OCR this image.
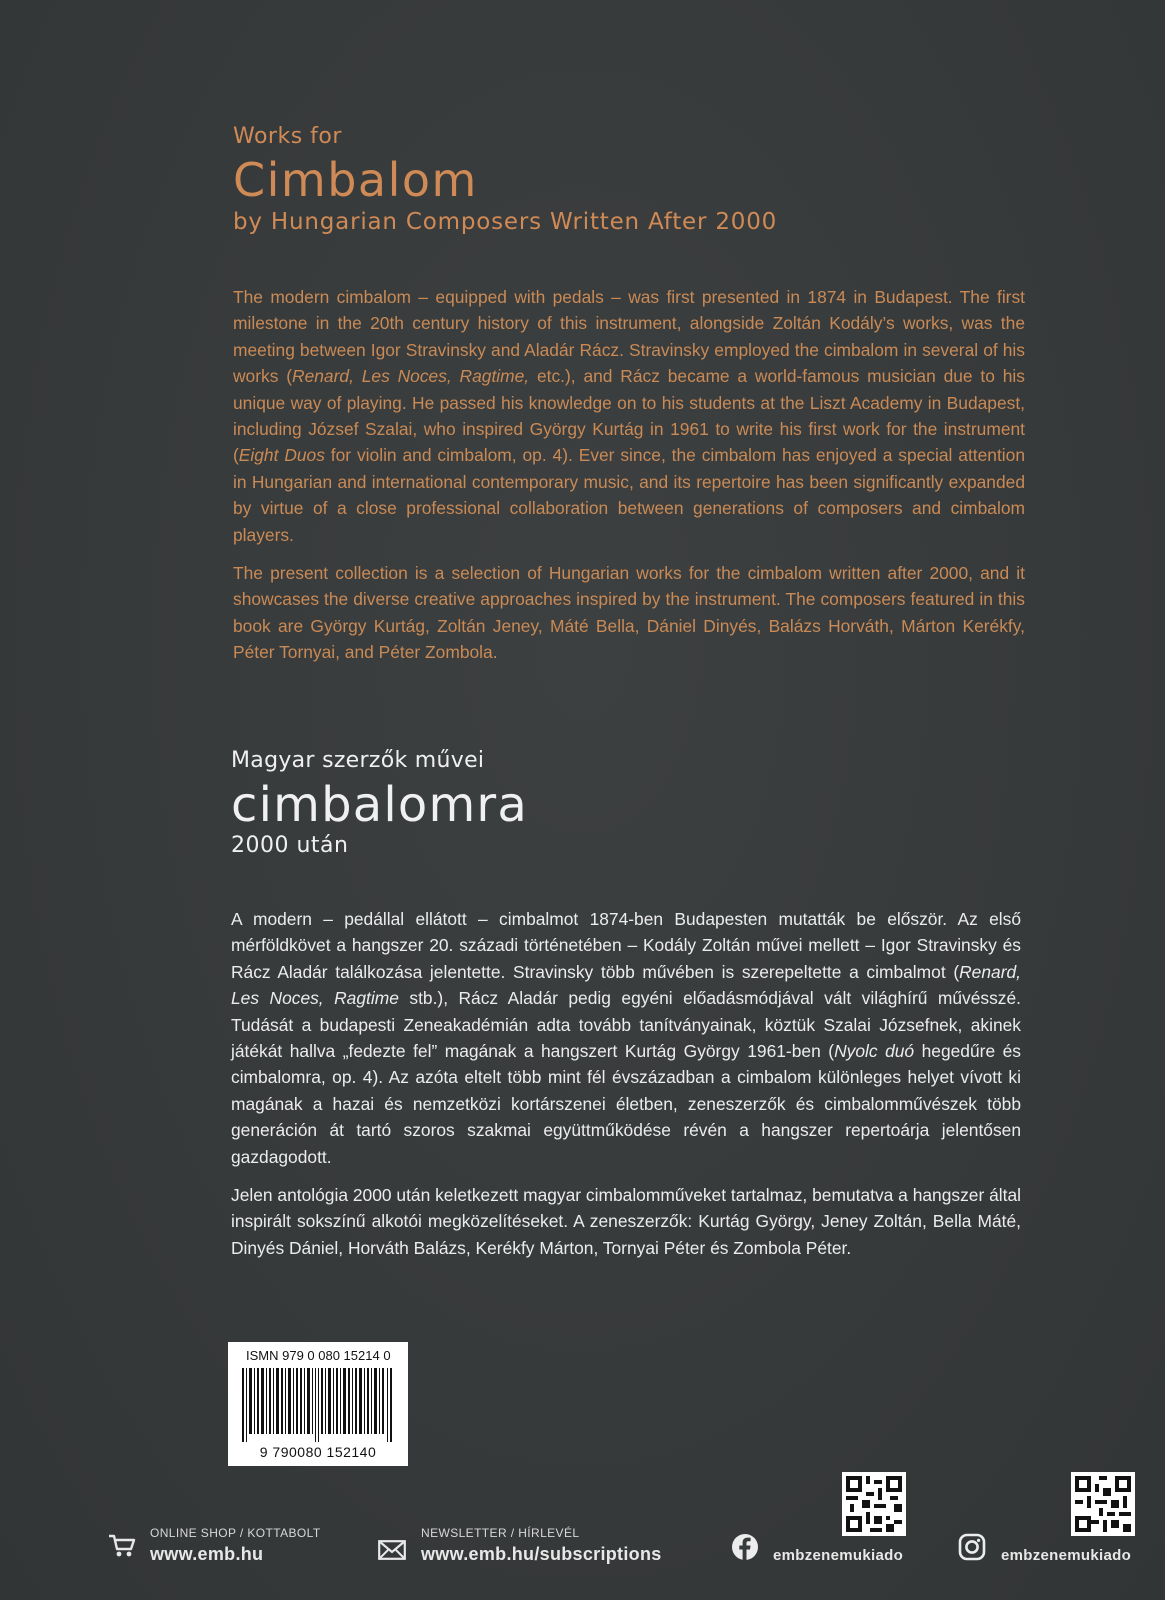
Works for
Cimbalom
by Hungarian Composers Written After 2000

The modern cimbalom – equipped with pedals – was first presented in 1874 in Budapest. The first milestone in the 20th century history of this instrument, alongside Zoltán Kodály’s works, was the meeting between Igor Stravinsky and Aladár Rácz. Stravinsky employed the cimbalom in several of his works (Renard, Les Noces, Ragtime, etc.), and Rácz became a world-famous musician due to his unique way of playing. He passed his knowledge on to his students at the Liszt Academy in Budapest, including József Szalai, who inspired György Kurtág in 1961 to write his first work for the instrument (Eight Duos for violin and cimbalom, op. 4). Ever since, the cimbalom has enjoyed a special attention in Hungarian and international contemporary music, and its repertoire has been significantly expanded by virtue of a close professional collaboration between generations of composers and cimbalom players.

The present collection is a selection of Hungarian works for the cimbalom written after 2000, and it showcases the diverse creative approaches inspired by the instrument. The composers featured in this book are György Kurtág, Zoltán Jeney, Máté Bella, Dániel Dinyés, Balázs Horváth, Márton Kerékfy, Péter Tornyai, and Péter Zombola.

Magyar szerzők művei
cimbalomra
2000 után

A modern – pedállal ellátott – cimbalmot 1874-ben Budapesten mutatták be először. Az első mérföldkövet a hangszer 20. századi történetében – Kodály Zoltán művei mellett – Igor Stravinsky és Rácz Aladár találkozása jelentette. Stravinsky több művében is szerepeltette a cimbalmot (Renard, Les Noces, Ragtime stb.), Rácz Aladár pedig egyéni előadásmódjával vált világhírű művésszé. Tudását a budapesti Zeneakadémián adta tovább tanítványainak, köztük Szalai Józsefnek, akinek játékát hallva „fedezte fel” magának a hangszert Kurtág György 1961-ben (Nyolc duó hegedűre és cimbalomra, op. 4). Az azóta eltelt több mint fél évszázadban a cimbalom különleges helyet vívott ki magának a hazai és nemzetközi kortárszenei életben, zeneszerzők és cimbalomművészek több generáción át tartó szoros szakmai együttműködése révén a hangszer repertoárja jelentősen gazdagodott.

Jelen antológia 2000 után keletkezett magyar cimbalomműveket tartalmaz, bemutatva a hangszer által inspirált sokszínű alkotói megközelítéseket. A zeneszerzők: Kurtág György, Jeney Zoltán, Bella Máté, Dinyés Dániel, Horváth Balázs, Kerékfy Márton, Tornyai Péter és Zombola Péter.

ISMN 979 0 080 15214 0
9 790080 152140
ONLINE SHOP / KOTTABOLT
www.emb.hu
NEWSLETTER / HÍRLEVÉL
www.emb.hu/subscriptions	embzenemukiado	embzenemukiado
